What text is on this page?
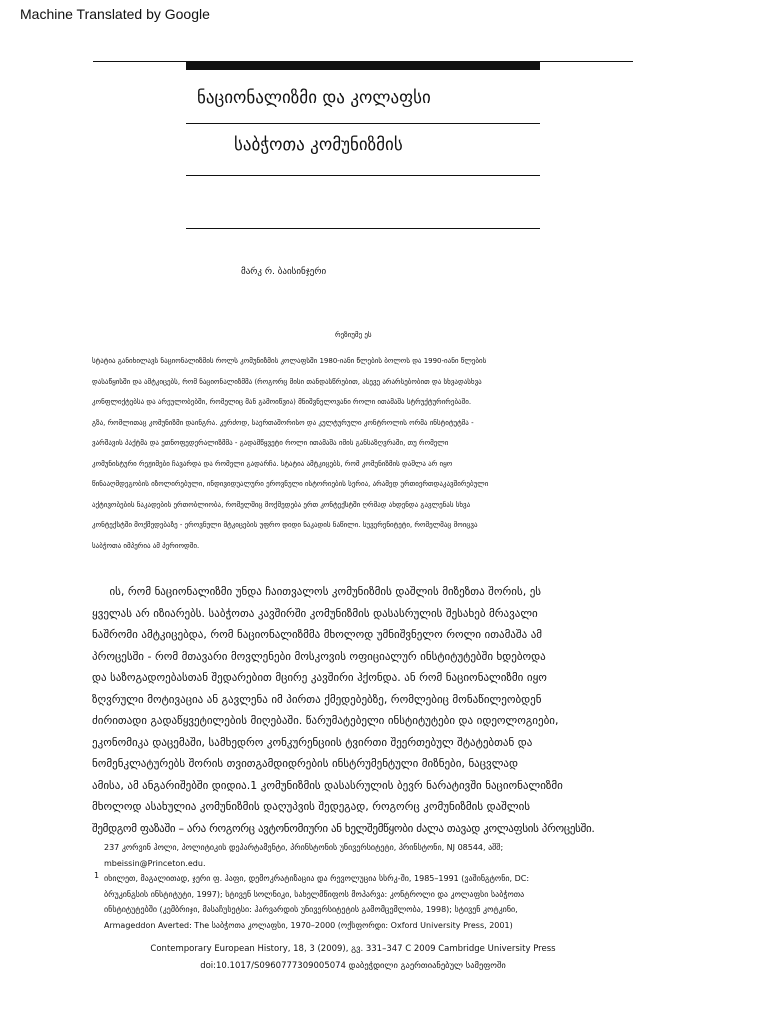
Machine Translated by Google
ნაციონალიზმი და კოლაფსი
საბჭოთა კომუნიზმის
მარკ რ. ბაისინჯერი
რეზიუმე ეს
სტატია განიხილავს ნაციონალიზმის როლს კომუნიზმის კოლაფსში 1980-იანი წლების ბოლოს და 1990-იანი წლების
დასაწყისში და ამტკიცებს, რომ ნაციონალიზმმა (როგორც მისი თანდასწრებით, ასევე არარსებობით და სხვადასხვა
კონფლიქტებსა და არეულობებში, რომელიც მან გამოიწვია) მნიშვნელოვანი როლი ითამაშა სტრუქტურირებაში.
გზა, რომლითაც კომუნიზმი დაინგრა. კერძოდ, საერთაშორისო და კულტურული კონტროლის ორმა ინსტიტუტმა -
ვარშავის პაქტმა და ეთნოფედერალიზმმა - გადამწყვეტი როლი ითამაშა იმის განსაზღვრაში, თუ რომელი
კომუნისტური რეჟიმები ჩავარდა და რომელი გადარჩა. სტატია ამტკიცებს, რომ კომუნიზმის დაშლა არ იყო
წინააღმდეგობის იზოლირებული, ინდივიდუალური ეროვნული ისტორიების სერია, არამედ ურთიერთდაკავშირებული
აქტივობების ნაკადების ერთობლიობა, რომელშიც მოქმედება ერთ კონტექსტში ღრმად ახდენდა გავლენას სხვა
კონტექსტში მოქმედებაზე - ეროვნული მტკიცების უფრო დიდი ნაკადის ნაწილი. სუვერენიტეტი, რომელმაც მოიცვა
საბჭოთა იმპერია ამ პერიოდში.
ის, რომ ნაციონალიზმი უნდა ჩაითვალოს კომუნიზმის დაშლის მიზეზთა შორის, ეს
ყველას არ იზიარებს. საბჭოთა კავშირში კომუნიზმის დასასრულის შესახებ მრავალი
ნაშრომი ამტკიცებდა, რომ ნაციონალიზმმა მხოლოდ უმნიშვნელო როლი ითამაშა ამ
პროცესში - რომ მთავარი მოვლენები მოსკოვის ოფიციალურ ინსტიტუტებში ხდებოდა
და საზოგადოებასთან შედარებით მცირე კავშირი ჰქონდა. ან რომ ნაციონალიზმი იყო
ზღვრული მოტივაცია ან გავლენა იმ პირთა ქმედებებზე, რომლებიც მონაწილეობდენ
ძირითადი გადაწყვეტილების მიღებაში. წარუმატებელი ინსტიტუტები და იდეოლოგიები,
ეკონომიკა დაცემაში, სამხედრო კონკურენციის ტვირთი შეერთებულ შტატებთან და
ნომენკლატურებს შორის თვითგამდიდრების ინსტრუმენტული მიზნები, ნაცვლად
ამისა, ამ ანგარიშებში დიდია.1 კომუნიზმის დასასრულის ბევრ ნარატივში ნაციონალიზმი
მხოლოდ ასახულია კომუნიზმის დაღუპვის შედეგად, როგორც კომუნიზმის დაშლის
შემდგომ ფაზაში – არა როგორც ავტონომიური ან ხელშემწყობი ძალა თავად კოლაფსის პროცესში.
1
237 კორვინ ჰოლი, პოლიტიკის დეპარტამენტი, პრინსტონის უნივერსიტეტი, პრინსტონი, NJ 08544, აშშ;
mbeissin@Princeton.edu.
იხილეთ, მაგალითად, ჯერი ფ. ჰაფი, დემოკრატიზაცია და რევოლუცია სსრკ-ში, 1985–1991 (ვაშინგტონი, DC:
ბრუკინგსის ინსტიტუტი, 1997); სტივენ სოლნიკი, სახელმწიფოს მოპარვა: კონტროლი და კოლაფსი საბჭოთა
ინსტიტუტებში (კემბრიჯი, მასაჩუსეტსი: ჰარვარდის უნივერსიტეტის გამომცემლობა, 1998); სტივენ კოტკინი,
Armageddon Averted: The საბჭოთა კოლაფსი, 1970–2000 (ოქსფორდი: Oxford University Press, 2001)
Contemporary European History, 18, 3 (2009), გვ. 331–347 C 2009 Cambridge University Press
doi:10.1017/S0960777309005074 დაბეჭდილი გაერთიანებულ სამეფოში
